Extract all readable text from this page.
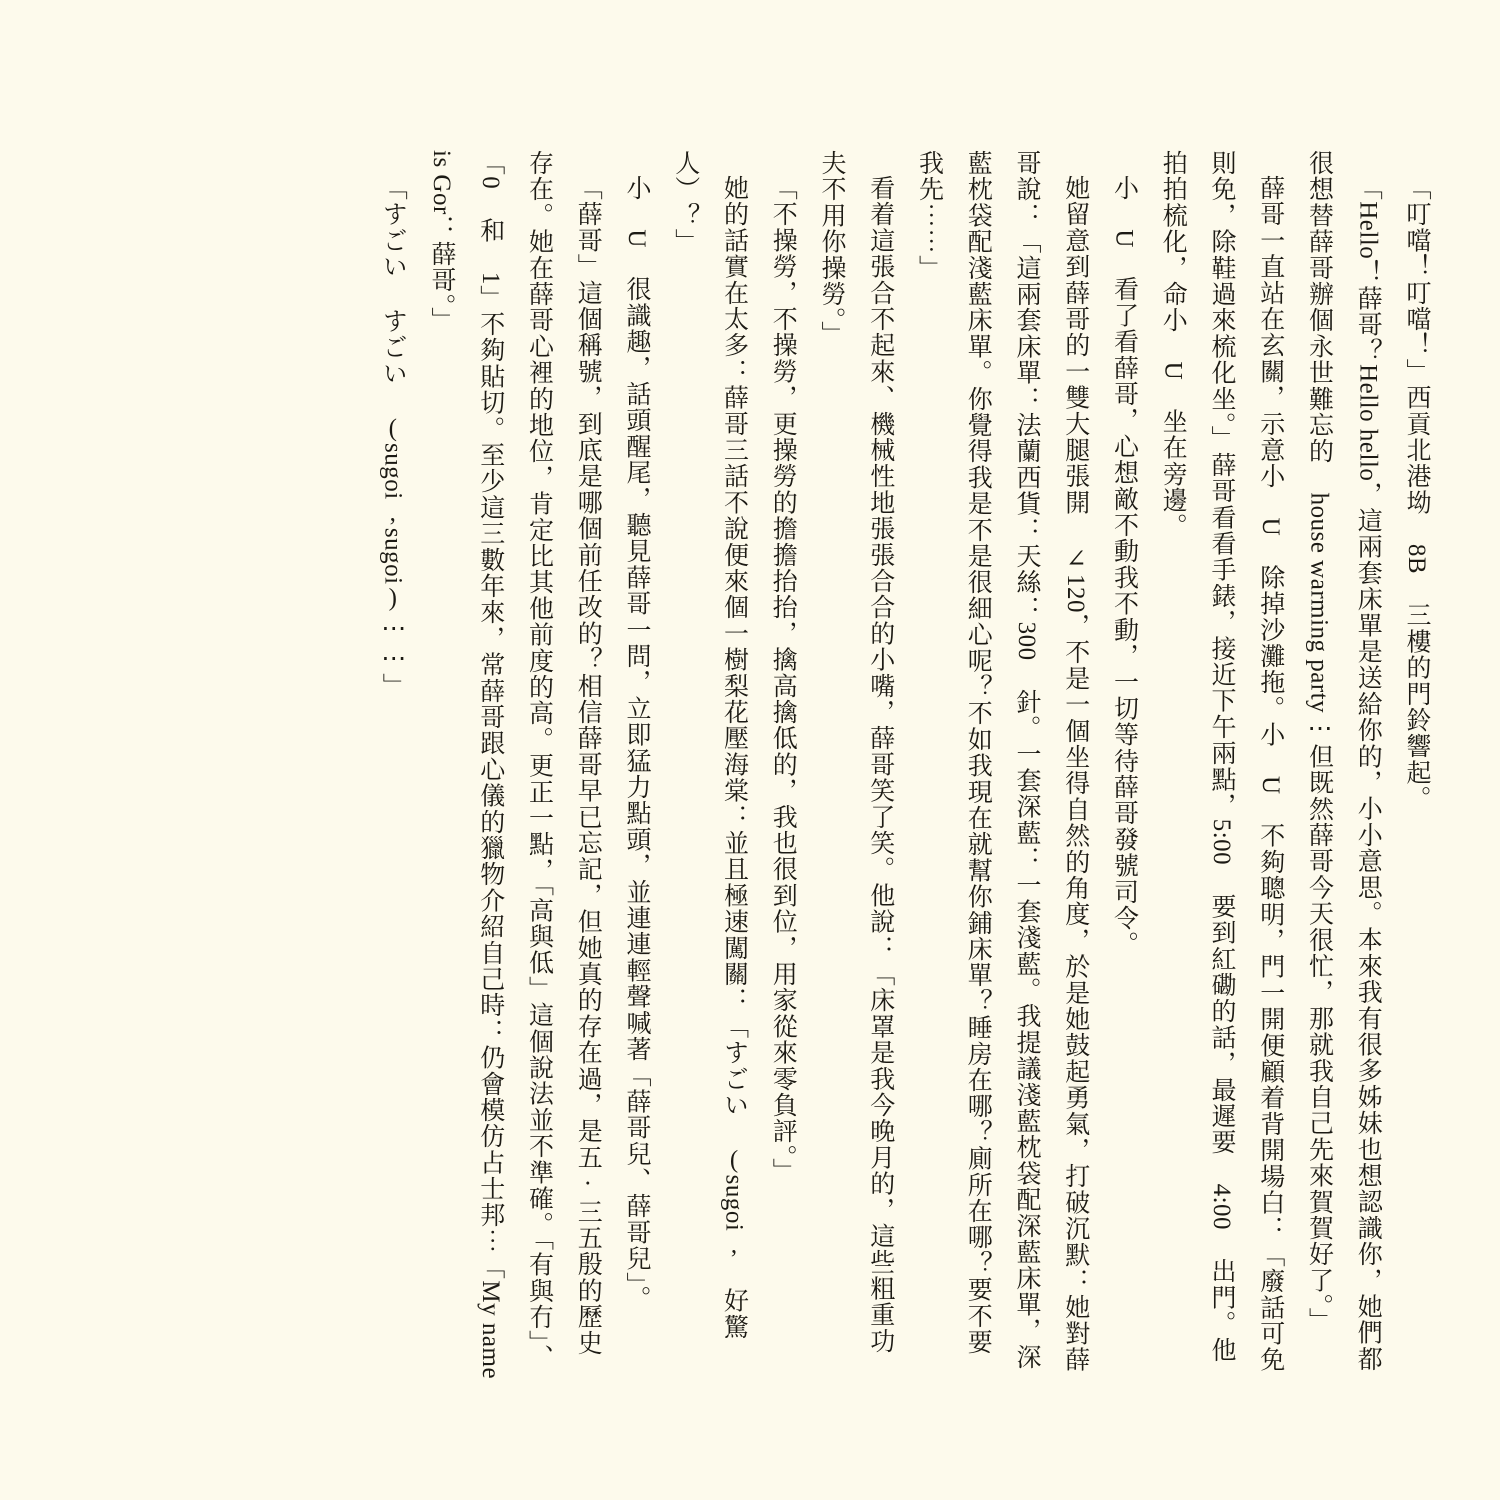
「叮噹！叮噹！」西貢北港坳 8B 三樓的門鈴響起。

「Hello！薛哥？Hello hello，這兩套床單是送給你的，小小意思。本來我有很多姊妹也想認識你，她們都很想替薛哥辦個永世難忘的 house warming party⋯但既然薛哥今天很忙，那就我自己先來賀賀好了。」

薛哥一直站在玄關，示意小 U 除掉沙灘拖。小 U 不夠聰明，門一開便顧着背開場白：「廢話可免則免，除鞋過來梳化坐。」薛哥看看手錶，接近下午兩點，5:00 要到紅磡的話，最遲要 4:00 出門。他拍拍梳化，命小 U 坐在旁邊。

小 U 看了看薛哥，心想敵不動我不動，一切等待薛哥發號司令。

她留意到薛哥的一雙大腿張開 ∠120，不是一個坐得自然的角度，於是她鼓起勇氣，打破沉默：她對薛哥說：「這兩套床單：法蘭西貨：天絲：300 針。一套深藍：一套淺藍。我提議淺藍枕袋配深藍床單，深藍枕袋配淺藍床單。你覺得我是不是很細心呢？不如我現在就幫你鋪床單？睡房在哪？廁所在哪？要不要我先⋯⋯」

看着這張合不起來、機械性地張張合合的小嘴，薛哥笑了笑。他說：「床罩是我今晚月的，這些粗重功夫不用你操勞。」

「不操勞，不操勞，更操勞的擔擔抬抬，擒高擒低的，我也很到位，用家從來零負評。」

她的話實在太多：薛哥三話不說便來個一樹梨花壓海棠：並且極速闖關：「すごい (sugoi, 好驚人）？」

小 U 很識趣，話頭醒尾，聽見薛哥一問，立即猛力點頭，並連連輕聲喊著「薛哥兒、薛哥兒」。

「薛哥」這個稱號，到底是哪個前任改的？相信薛哥早已忘記，但她真的存在過，是五·三五殷的歷史存在。她在薛哥心裡的地位，肯定比其他前度的高。更正一點，「高與低」這個說法並不準確。「有與冇」、「0 和 1」不夠貼切。至少這三數年來，常薛哥跟心儀的獵物介紹自己時：仍會模仿占士邦⋯「My name is Gor：薛哥。」

「すごい すごい (sugoi,sugoi)⋯⋯」
